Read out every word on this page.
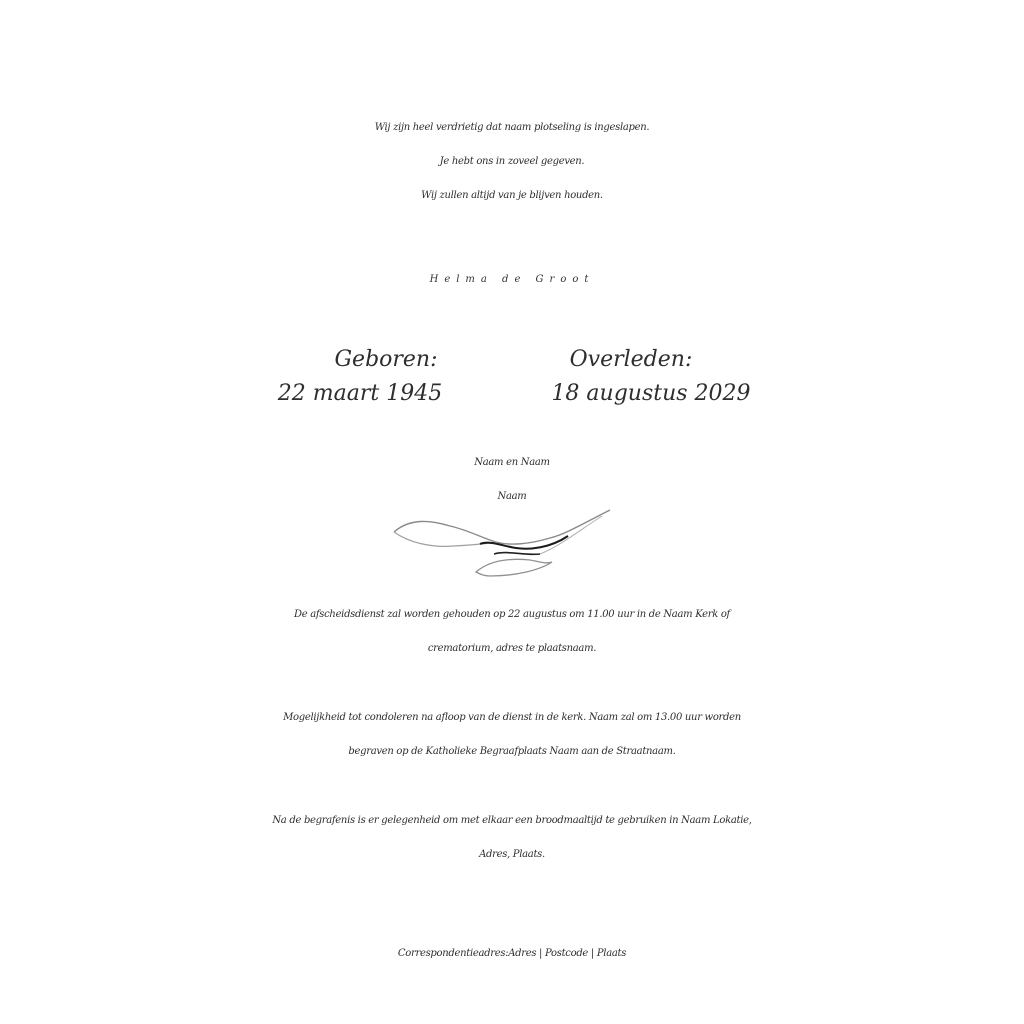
Wij zijn heel verdrietig dat naam plotseling is ingeslapen.
Je hebt ons in zoveel gegeven.
Wij zullen altijd van je blijven houden.
Helma de Groot
Geboren:
22 maart 1945
Overleden:
18 augustus 2029
Naam en Naam
Naam
De afscheidsdienst zal worden gehouden op 22 augustus om 11.00 uur in de Naam Kerk of
crematorium, adres te plaatsnaam.
Mogelijkheid tot condoleren na afloop van de dienst in de kerk. Naam zal om 13.00 uur worden
begraven op de Katholieke Begraafplaats Naam aan de Straatnaam.
Na de begrafenis is er gelegenheid om met elkaar een broodmaaltijd te gebruiken in Naam Lokatie,
Adres, Plaats.
Correspondentieadres:Adres | Postcode | Plaats
